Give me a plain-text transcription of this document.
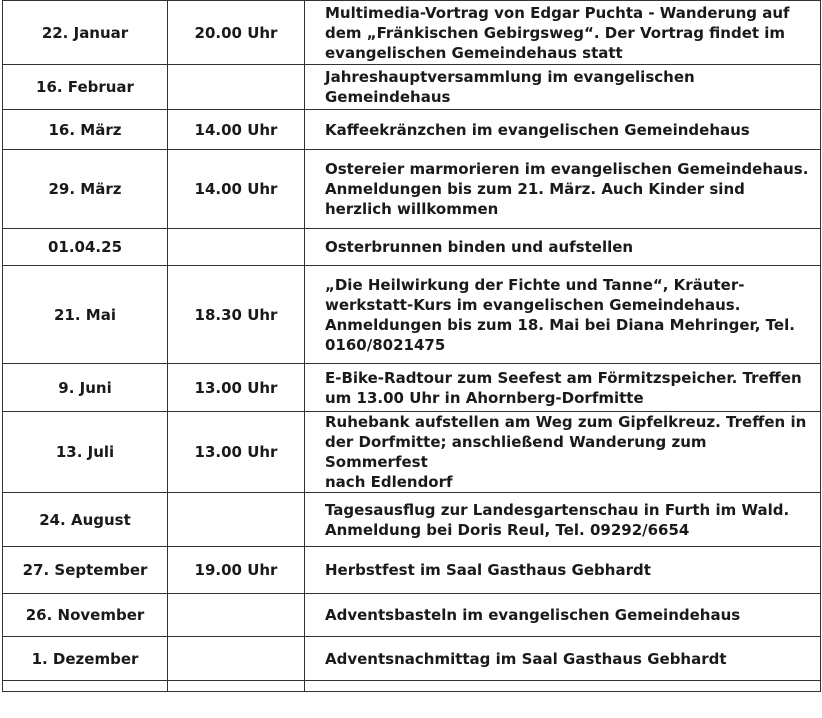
22. Januar	20.00 Uhr	Multimedia-Vortrag von Edgar Puchta - Wanderung auf
dem „Fränkischen Gebirgsweg“. Der Vortrag findet im
evangelischen Gemeindehaus statt

16. Februar		Jahreshauptversammlung im evangelischen
Gemeindehaus

16. März	14.00 Uhr	Kaffeekränzchen im evangelischen Gemeindehaus

29. März	14.00 Uhr	Ostereier marmorieren im evangelischen Gemeindehaus.
Anmeldungen bis zum 21. März. Auch Kinder sind
herzlich willkommen

01.04.25		Osterbrunnen binden und aufstellen

21. Mai	18.30 Uhr	„Die Heilwirkung der Fichte und Tanne“, Kräuter-
werkstatt-Kurs im evangelischen Gemeindehaus.
Anmeldungen bis zum 18. Mai bei Diana Mehringer, Tel.
0160/8021475

9. Juni	13.00 Uhr	E-Bike-Radtour zum Seefest am Förmitzspeicher. Treffen
um 13.00 Uhr in Ahornberg-Dorfmitte

13. Juli	13.00 Uhr	Ruhebank aufstellen am Weg zum Gipfelkreuz. Treffen in
der Dorfmitte; anschließend Wanderung zum Sommerfest
nach Edlendorf

24. August		Tagesausflug zur Landesgartenschau in Furth im Wald.
Anmeldung bei Doris Reul, Tel. 09292/6654

27. September	19.00 Uhr	Herbstfest im Saal Gasthaus Gebhardt

26. November		Adventsbasteln im evangelischen Gemeindehaus

1. Dezember		Adventsnachmittag im Saal Gasthaus Gebhardt
